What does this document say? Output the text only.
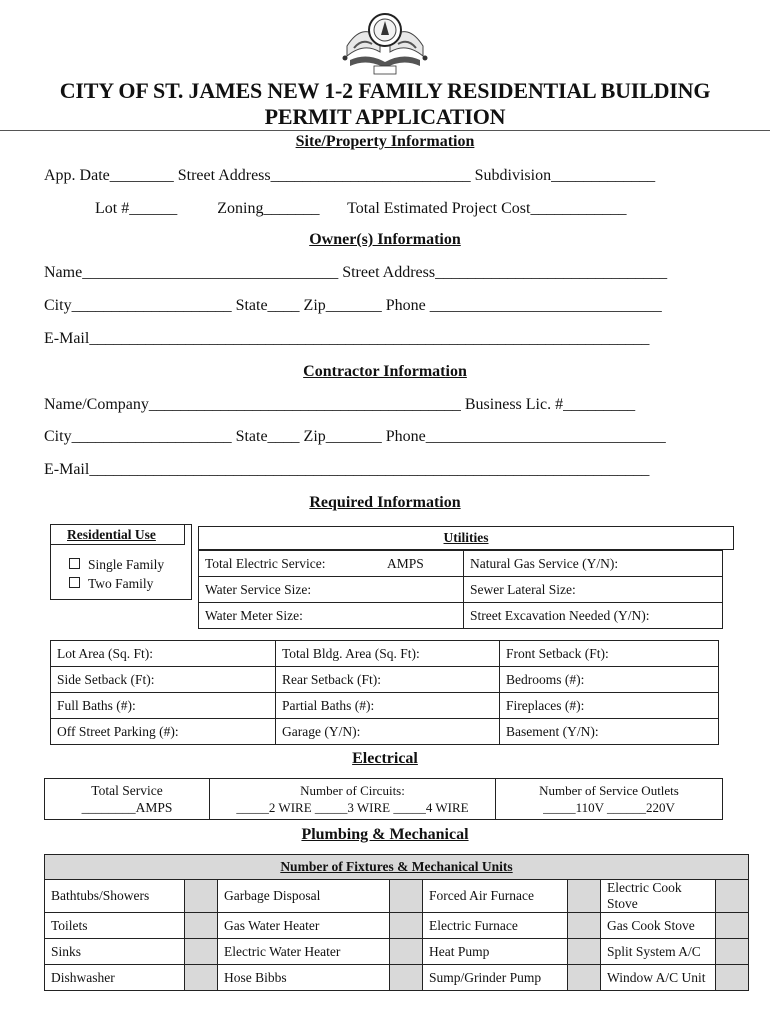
CITY OF ST. JAMES NEW 1-2 FAMILY RESIDENTIAL BUILDING
PERMIT APPLICATION
Site/Property Information
App. Date________ Street Address_________________________ Subdivision_____________
Lot #______          Zoning_______       Total Estimated Project Cost____________
Owner(s) Information
Name________________________________ Street Address_____________________________
City____________________ State____ Zip_______ Phone _____________________________
E-Mail______________________________________________________________________
Contractor Information
Name/Company_______________________________________ Business Lic. #_________
City____________________ State____ Zip_______ Phone______________________________
E-Mail______________________________________________________________________
Required Information
Residential Use
Single Family
Two Family
Utilities
Total Electric Service: AMPS	Natural Gas Service (Y/N):
Water Service Size:	Sewer Lateral Size:
Water Meter Size:	Street Excavation Needed (Y/N):
Lot Area (Sq. Ft):	Total Bldg. Area (Sq. Ft):	Front Setback (Ft):
Side Setback (Ft):	Rear Setback (Ft):	Bedrooms (#):
Full Baths (#):	Partial Baths (#):	Fireplaces (#):
Off Street Parking (#):	Garage (Y/N):	Basement (Y/N):
Electrical
Total Service
________AMPS

Number of Circuits:
_____2 WIRE _____3 WIRE _____4 WIRE

Number of Service Outlets
_____110V ______220V
Plumbing & Mechanical
Number of Fixtures & Mechanical Units							
Bathtubs/Showers		Garbage Disposal		Forced Air Furnace		Electric Cook Stove	
Toilets		Gas Water Heater		Electric Furnace		Gas Cook Stove	
Sinks		Electric Water Heater		Heat Pump		Split System A/C	
Dishwasher		Hose Bibbs		Sump/Grinder Pump		Window A/C Unit	
